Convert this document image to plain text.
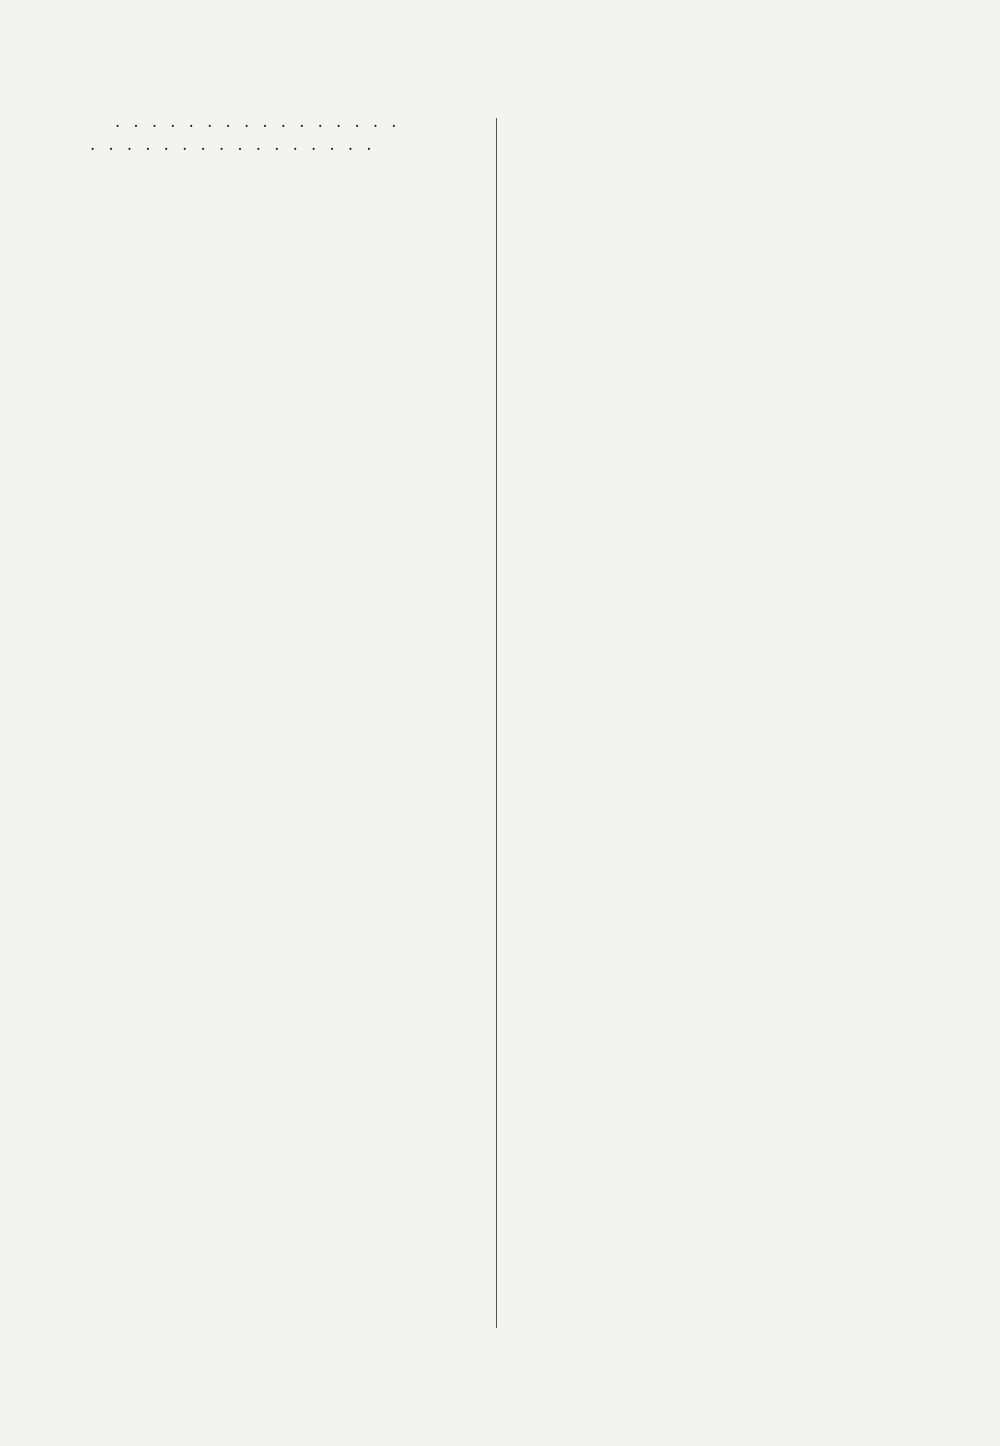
. . . . . . . . . . . . . . . .

. . . . . . . . . . . . . . . .
